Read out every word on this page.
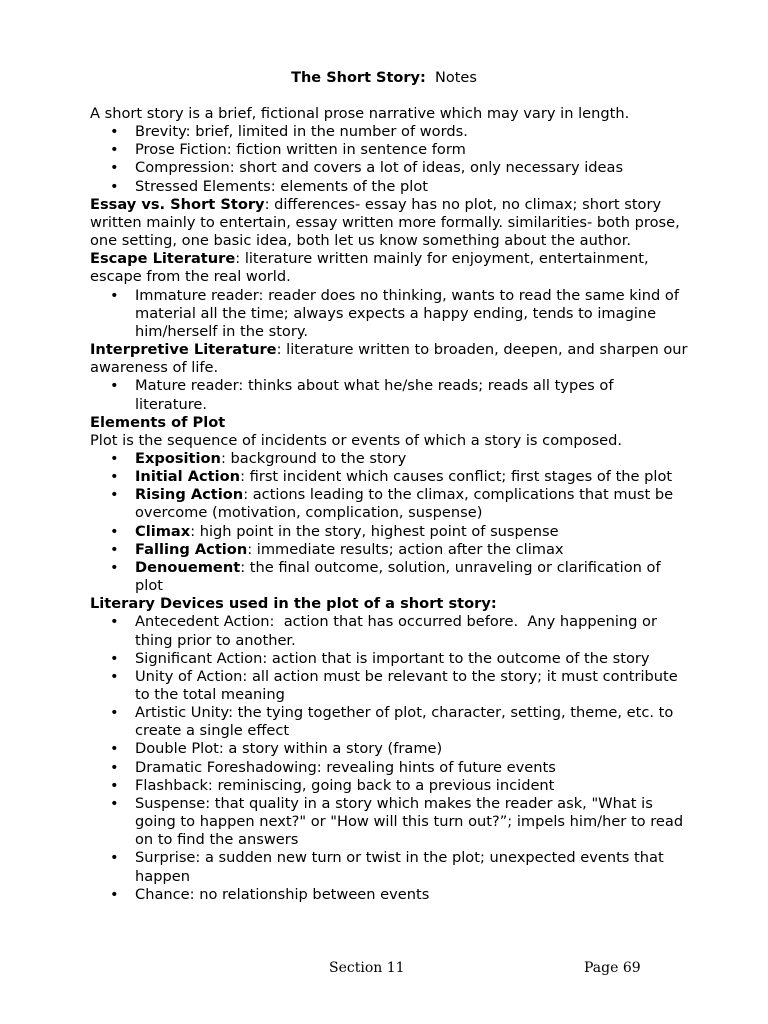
The Short Story:  Notes

A short story is a brief, fictional prose narrative which may vary in length.

• Brevity: brief, limited in the number of words.
• Prose Fiction: fiction written in sentence form
• Compression: short and covers a lot of ideas, only necessary ideas
• Stressed Elements: elements of the plot

Essay vs. Short Story: differences- essay has no plot, no climax; short story written mainly to entertain, essay written more formally. similarities- both prose, one setting, one basic idea, both let us know something about the author.

Escape Literature: literature written mainly for enjoyment, entertainment, escape from the real world.

• Immature reader: reader does no thinking, wants to read the same kind of material all the time; always expects a happy ending, tends to imagine him/herself in the story.

Interpretive Literature: literature written to broaden, deepen, and sharpen our awareness of life.

• Mature reader: thinks about what he/she reads; reads all types of literature.

Elements of Plot

Plot is the sequence of incidents or events of which a story is composed.

• Exposition: background to the story
• Initial Action: first incident which causes conflict; first stages of the plot
• Rising Action: actions leading to the climax, complications that must be overcome (motivation, complication, suspense)
• Climax: high point in the story, highest point of suspense
• Falling Action: immediate results; action after the climax
• Denouement: the final outcome, solution, unraveling or clarification of plot

Literary Devices used in the plot of a short story:

• Antecedent Action:  action that has occurred before.  Any happening or thing prior to another.
• Significant Action: action that is important to the outcome of the story
• Unity of Action: all action must be relevant to the story; it must contribute to the total meaning
• Artistic Unity: the tying together of plot, character, setting, theme, etc. to create a single effect
• Double Plot: a story within a story (frame)
• Dramatic Foreshadowing: revealing hints of future events
• Flashback: reminiscing, going back to a previous incident
• Suspense: that quality in a story which makes the reader ask, "What is going to happen next?" or "How will this turn out?”; impels him/her to read on to find the answers
• Surprise: a sudden new turn or twist in the plot; unexpected events that happen
• Chance: no relationship between events
Section 11	Page 69
